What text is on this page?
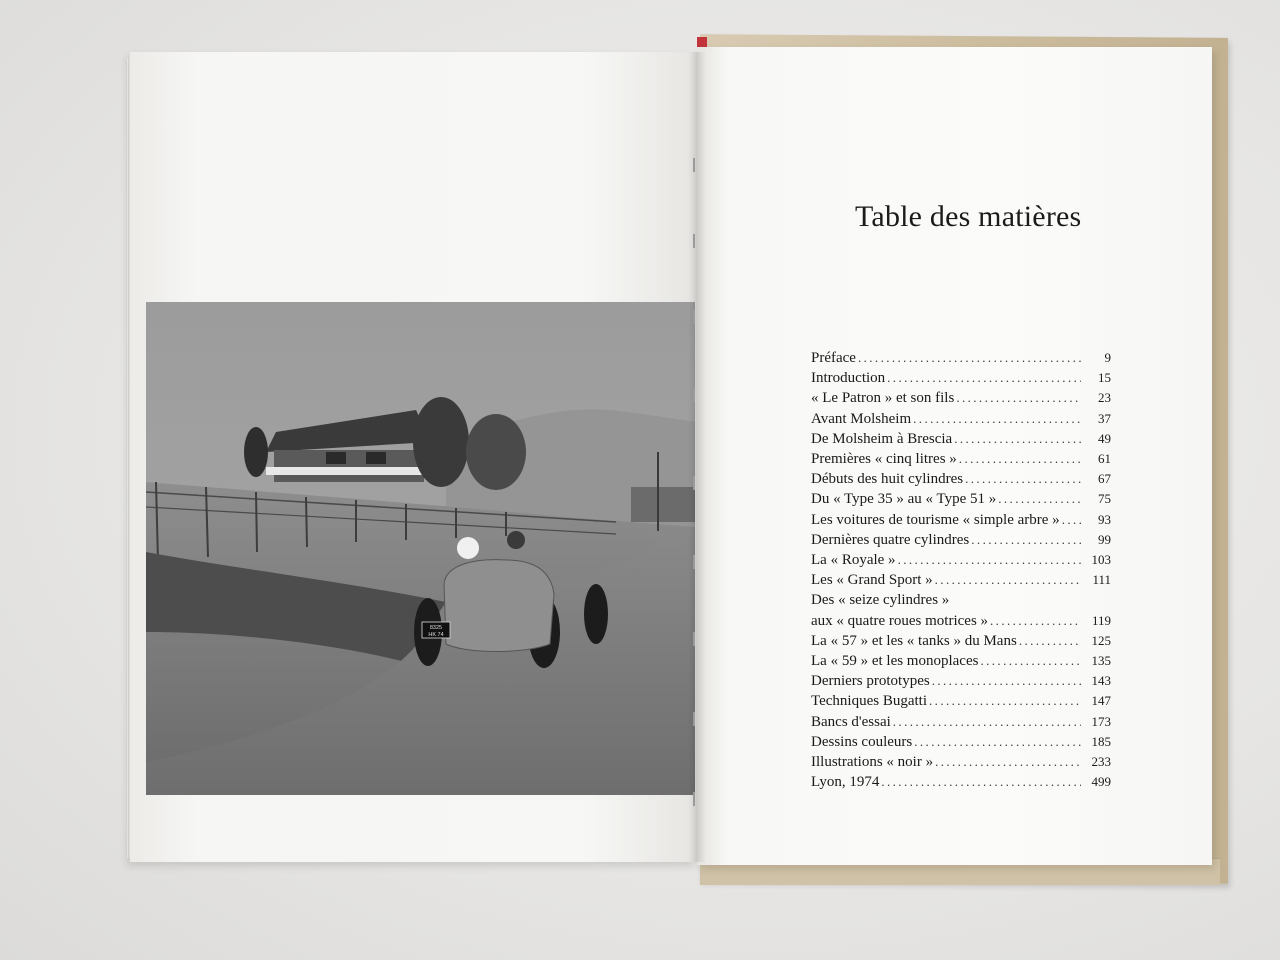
8325
HK 74
Table des matières
Préface .....	9
Introduction .....	15
« Le Patron » et son fils .....	23
Avant Molsheim .....	37
De Molsheim à Brescia .....	49
Premières « cinq litres » .....	61
Débuts des huit cylindres .....	67
Du « Type 35 » au « Type 51 » .....	75
Les voitures de tourisme « simple arbre » .....	93
Dernières quatre cylindres .....	99
La « Royale » .....	103
Les « Grand Sport » .....	111
Des « seize cylindres »
aux « quatre roues motrices » .....	119
La « 57 » et les « tanks » du Mans .....	125
La « 59 » et les monoplaces .....	135
Derniers prototypes .....	143
Techniques Bugatti .....	147
Bancs d'essai .....	173
Dessins couleurs .....	185
Illustrations « noir » .....	233
Lyon, 1974 .....	499
